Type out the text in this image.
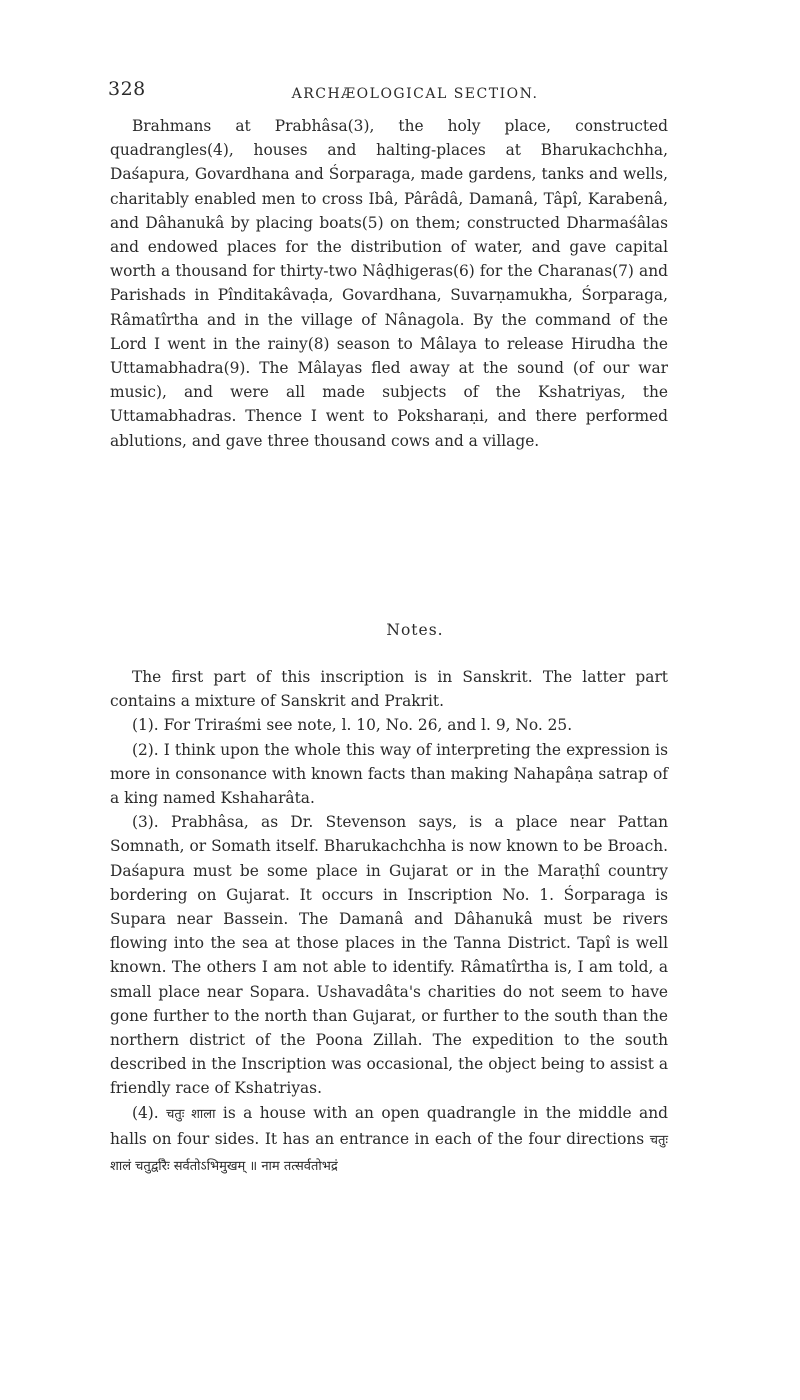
328	ARCHÆOLOGICAL SECTION.

Brahmans at Prabhâsa(3), the holy place, constructed quadrangles(4), houses and halting-places at Bharukachchha, Daśapura, Govardhana and Śorparaga, made gardens, tanks and wells, charitably enabled men to cross Ibâ, Pârâdâ, Damanâ, Tâpî, Karabenâ, and Dâhanukâ by placing boats(5) on them; constructed Dharmaśâlas and endowed places for the distribution of water, and gave capital worth a thousand for thirty-two Nâḍhigeras(6) for the Charanas(7) and Parishads in Pînditakâvaḍa, Govardhana, Suvarṇamukha, Śorparaga, Râmatîrtha and in the village of Nânagola. By the command of the Lord I went in the rainy(8) season to Mâlaya to release Hirudha the Uttamabhadra(9). The Mâlayas fled away at the sound (of our war music), and were all made subjects of the Kshatriyas, the Uttamabhadras. Thence I went to Poksharaṇi, and there performed ablutions, and gave three thousand cows and a village.

Notes.

The first part of this inscription is in Sanskrit. The latter part contains a mixture of Sanskrit and Prakrit.

(1). For Triraśmi see note, l. 10, No. 26, and l. 9, No. 25.

(2). I think upon the whole this way of interpreting the expression is more in consonance with known facts than making Nahapâṇa satrap of a king named Kshaharâta.

(3). Prabhâsa, as Dr. Stevenson says, is a place near Pattan Somnath, or Somath itself. Bharukachchha is now known to be Broach. Daśapura must be some place in Gujarat or in the Maraṭhî country bordering on Gujarat. It occurs in Inscription No. 1. Śorparaga is Supara near Bassein. The Damanâ and Dâhanukâ must be rivers flowing into the sea at those places in the Tanna District. Tapî is well known. The others I am not able to identify. Râmatîrtha is, I am told, a small place near Sopara. Ushavadâta's charities do not seem to have gone further to the north than Gujarat, or further to the south than the northern district of the Poona Zillah. The expedition to the south described in the Inscription was occasional, the object being to assist a friendly race of Kshatriyas.

(4). चतुः शाला is a house with an open quadrangle in the middle and halls on four sides. It has an entrance in each of the four directions चतुः शालं चतुर्द्वारैः सर्वतोऽभिमुखम् ॥ नाम तत्सर्वतोभद्रं
